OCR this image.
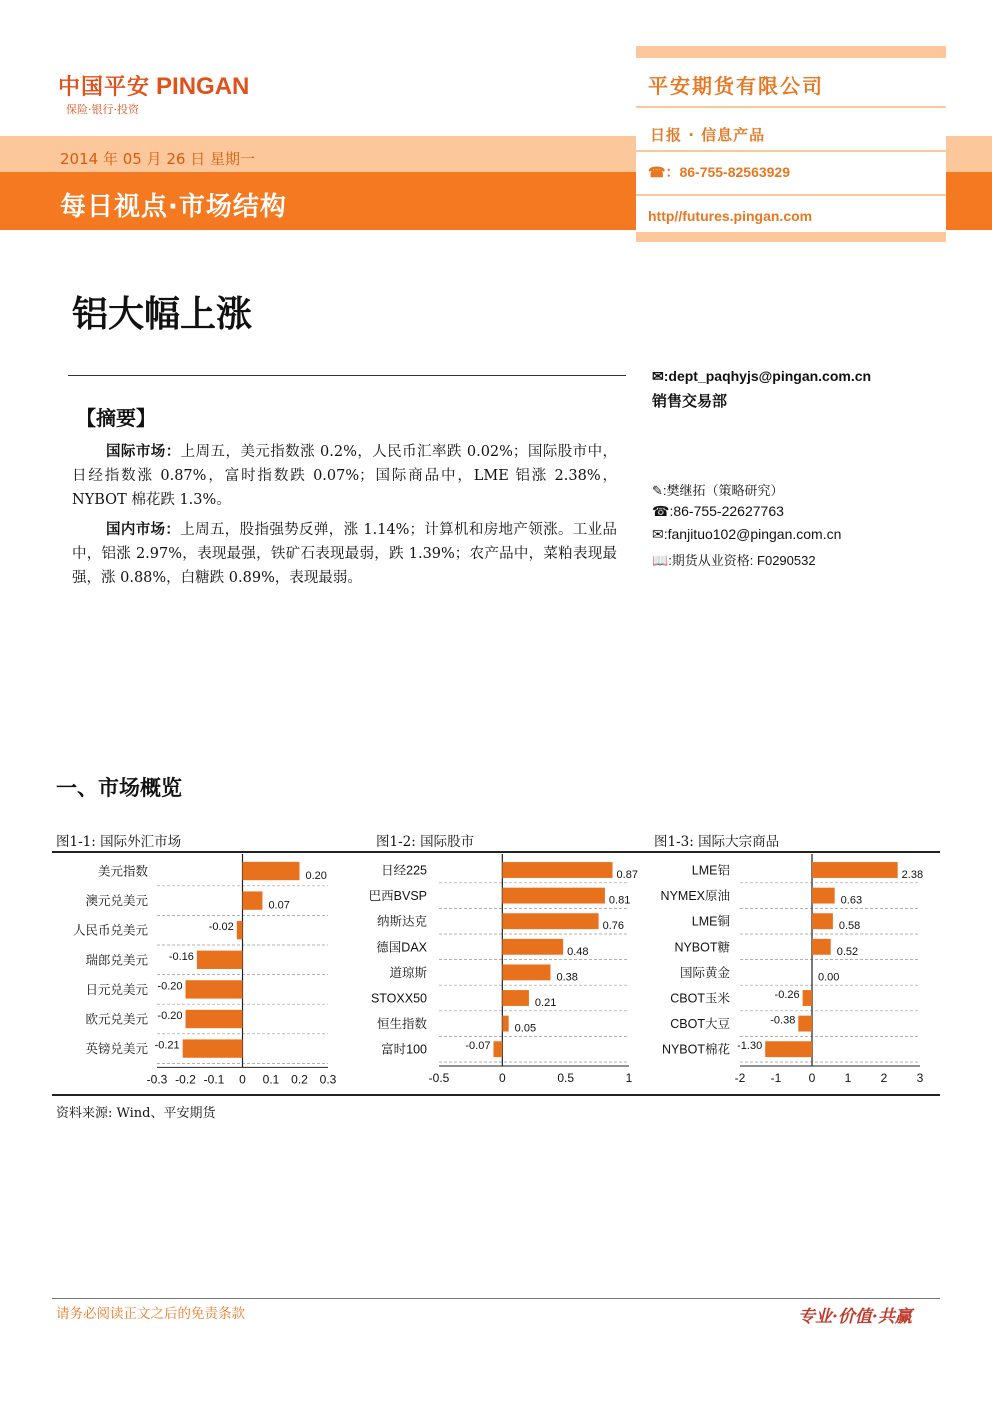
中国平安 PINGAN
保险·银行·投资
2014 年 05 月 26 日 星期一
每日视点·市场结构
平安期货有限公司
日报 · 信息产品
☎：86-755-82563929
http//futures.pingan.com
铝大幅上涨
✉:dept_paqhyjs@pingan.com.cn
销售交易部
✎:樊继拓（策略研究）
☎:86-755-22627763
✉:fanjituo102@pingan.com.cn
📖:期货从业资格: F0290532
【摘要】
国际市场：上周五，美元指数涨 0.2%，人民币汇率跌 0.02%；国际股市中，日经指数涨 0.87%，富时指数跌 0.07%；国际商品中，LME 铝涨 2.38%，NYBOT 棉花跌 1.3%。
国内市场：上周五，股指强势反弹，涨 1.14%；计算机和房地产领涨。工业品中，铝涨 2.97%，表现最强，铁矿石表现最弱，跌 1.39%；农产品中，菜粕表现最强，涨 0.88%，白糖跌 0.89%，表现最弱。
一、市场概览
图1-1: 国际外汇市场	图1-2: 国际股市	图1-3: 国际大宗商品
美元指数	0.20
澳元兑美元	0.07
人民币兑美元	-0.02
瑞郎兑美元 -0.16
日元兑美元 -0.20
欧元兑美元 -0.20
英镑兑美元 -0.21
-0.3 -0.2 -0.1 0 0.1 0.2 0.3
日经225	0.87
巴西BVSP	0.81
纳斯达克	0.76
德国DAX	0.48
道琼斯	0.38
STOXX50	0.21
恒生指数	0.05
富时100	-0.07
-0.5	0	0.5	1
LME铝	2.38
NYMEX原油	0.63
LME铜	0.58
NYBOT糖	0.52
国际黄金	0.00
CBOT玉米	-0.26
CBOT大豆	-0.38
NYBOT棉花 -1.30
-2 -1 0 1 2 3
资料来源: Wind、平安期货
请务必阅读正文之后的免责条款	专业·价值·共赢
